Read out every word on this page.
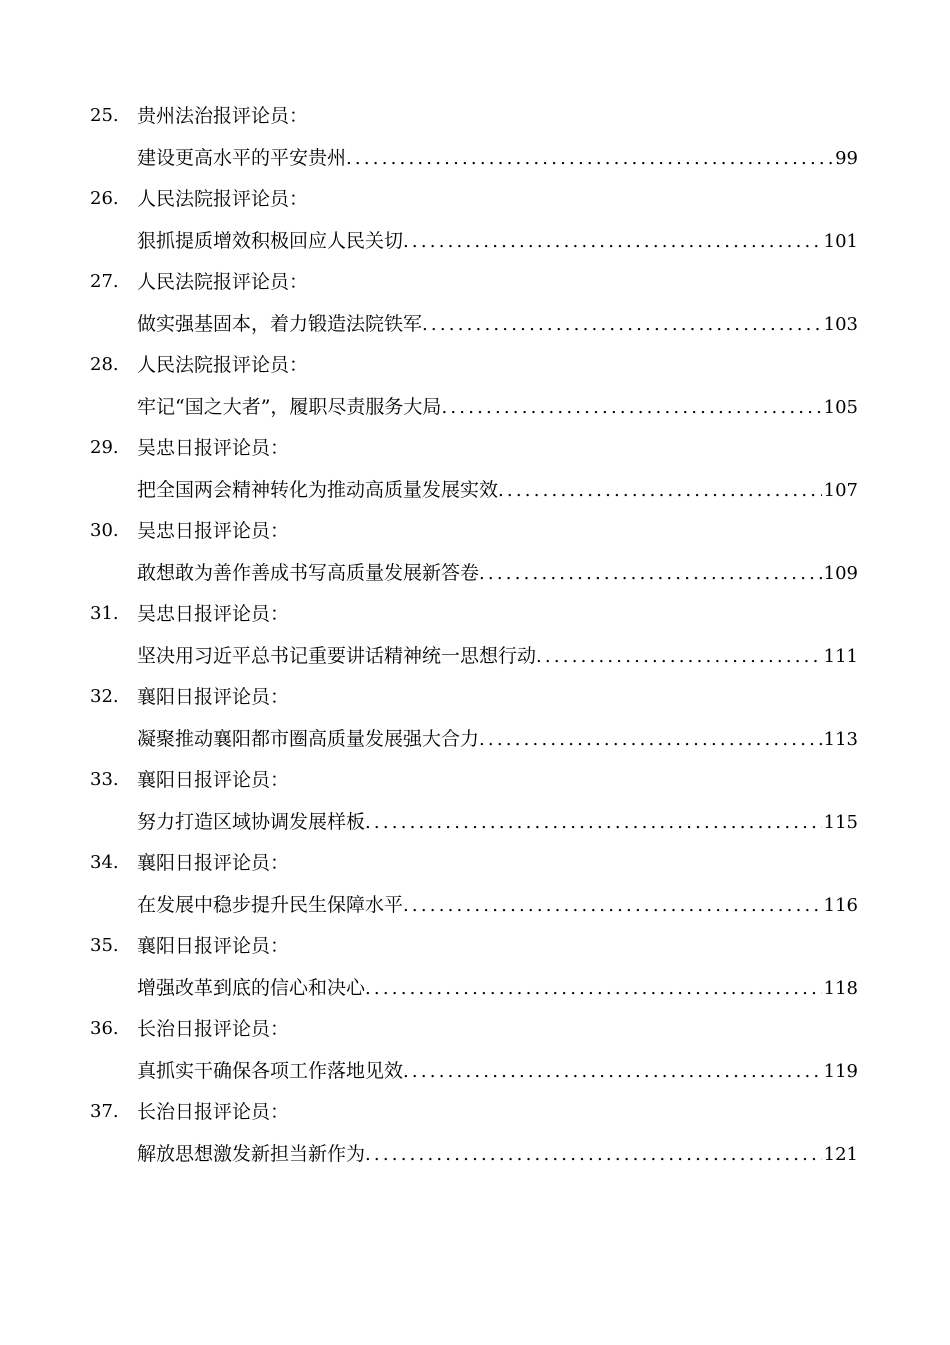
25. 贵州法治报评论员：
建设更高水平的平安贵州 .....	99
26. 人民法院报评论员：
狠抓提质增效积极回应人民关切 .....	101
27. 人民法院报评论员：
做实强基固本，着力锻造法院铁军 .....	103
28. 人民法院报评论员：
牢记“国之大者”，履职尽责服务大局 .....	105
29. 吴忠日报评论员：
把全国两会精神转化为推动高质量发展实效 .....	107
30. 吴忠日报评论员：
敢想敢为善作善成书写高质量发展新答卷 .....	109
31. 吴忠日报评论员：
坚决用习近平总书记重要讲话精神统一思想行动 .....	111
32. 襄阳日报评论员：
凝聚推动襄阳都市圈高质量发展强大合力 .....	113
33. 襄阳日报评论员：
努力打造区域协调发展样板 .....	115
34. 襄阳日报评论员：
在发展中稳步提升民生保障水平 .....	116
35. 襄阳日报评论员：
增强改革到底的信心和决心 .....	118
36. 长治日报评论员：
真抓实干确保各项工作落地见效 .....	119
37. 长治日报评论员：
解放思想激发新担当新作为 .....	121
